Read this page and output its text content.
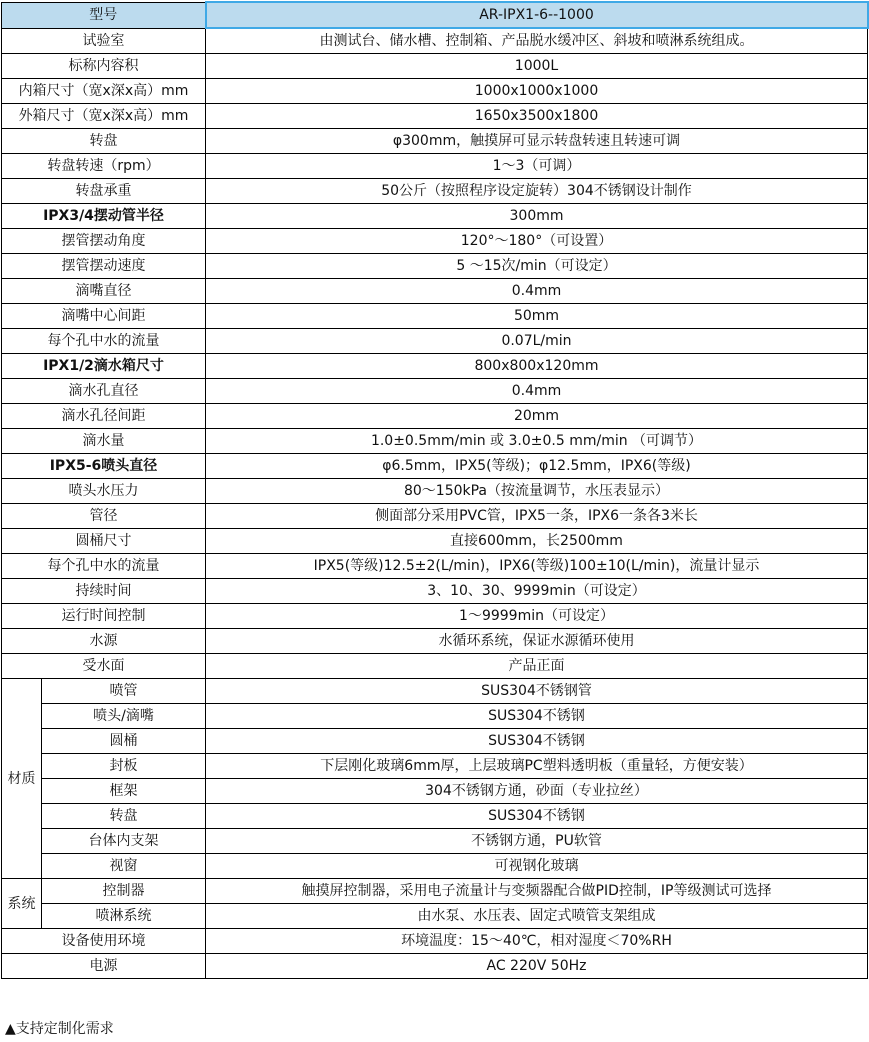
型号		AR-IPX1-6--1000
试验室		由测试台、储水槽、控制箱、产品脱水缓冲区、斜坡和喷淋系统组成。
标称内容积		1000L
内箱尺寸（宽x深x高）mm		1000x1000x1000
外箱尺寸（宽x深x高）mm		1650x3500x1800
转盘		φ300mm，触摸屏可显示转盘转速且转速可调
转盘转速（rpm）		1～3（可调）
转盘承重		50公斤（按照程序设定旋转）304不锈钢设计制作
IPX3/4摆动管半径		300mm
摆管摆动角度		120°～180°（可设置）
摆管摆动速度		5 ～15次/min（可设定）
滴嘴直径		0.4mm
滴嘴中心间距		50mm
每个孔中水的流量		0.07L/min
IPX1/2滴水箱尺寸		800x800x120mm
滴水孔直径		0.4mm
滴水孔径间距		20mm
滴水量		1.0±0.5mm/min 或 3.0±0.5 mm/min （可调节）
IPX5-6喷头直径		φ6.5mm，IPX5(等级)；φ12.5mm，IPX6(等级)
喷头水压力		80～150kPa（按流量调节，水压表显示）
管径		侧面部分采用PVC管，IPX5一条，IPX6一条各3米长
圆桶尺寸		直接600mm，长2500mm
每个孔中水的流量		IPX5(等级)12.5±2(L/min)，IPX6(等级)100±10(L/min)，流量计显示
持续时间		3、10、30、9999min（可设定）
运行时间控制		1～9999min（可设定）
水源		水循环系统，保证水源循环使用
受水面		产品正面
材质	喷管	SUS304不锈钢管
	喷头/滴嘴	SUS304不锈钢
	圆桶	SUS304不锈钢
	封板	下层刚化玻璃6mm厚，上层玻璃PC塑料透明板（重量轻，方便安装）
	框架	304不锈钢方通，砂面（专业拉丝）
	转盘	SUS304不锈钢
	台体内支架	不锈钢方通，PU软管
	视窗	可视钢化玻璃
系统	控制器	触摸屏控制器，采用电子流量计与变频器配合做PID控制，IP等级测试可选择
	喷淋系统	由水泵、水压表、固定式喷管支架组成
设备使用环境		环境温度：15～40℃，相对湿度＜70%RH
电源		AC 220V 50Hz
▲支持定制化需求
